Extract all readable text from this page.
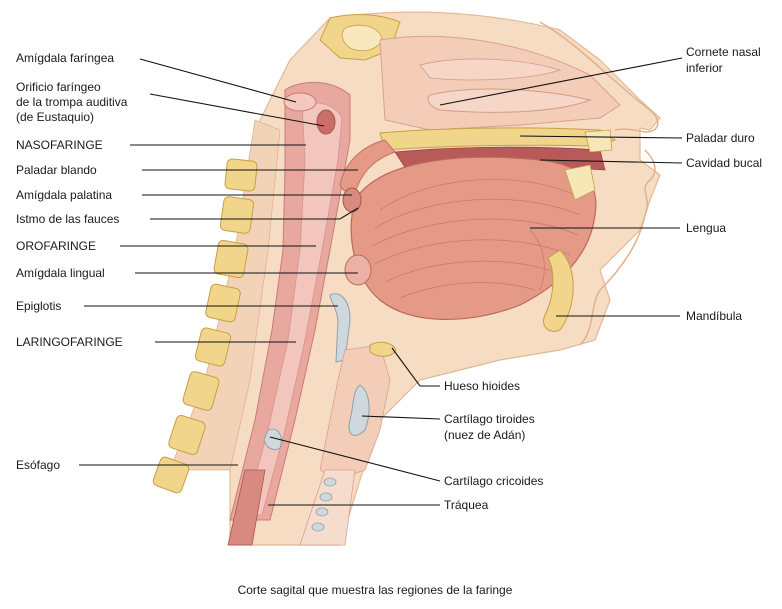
Amígdala faríngea
Orificio faríngeo
de la trompa auditiva
(de Eustaquio)
NASOFARINGE
Paladar blando
Amígdala palatina
Istmo de las fauces
OROFARINGE
Amígdala lingual
Epiglotis
LARINGOFARINGE
Esófago
Cornete nasal
inferior
Paladar duro
Cavidad bucal
Lengua
Mandíbula
Hueso hioides
Cartílago tiroides
(nuez de Adán)
Cartílago cricoides
Tráquea
Corte sagital que muestra las regiones de la faringe
